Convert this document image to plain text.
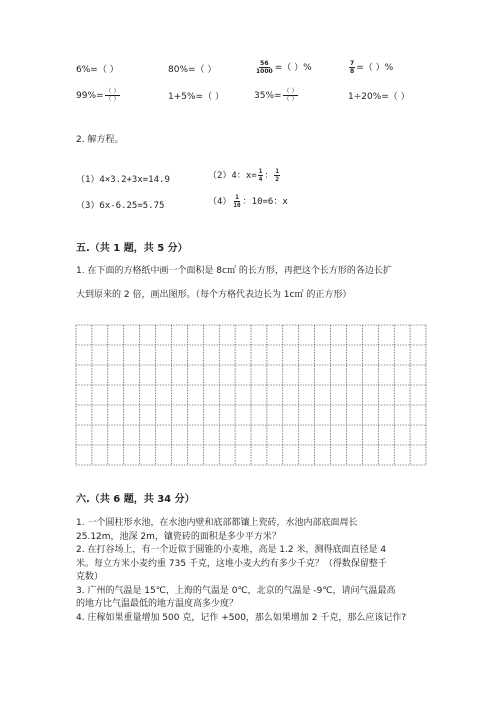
6%=（ ）	80%=（ ）	$\frac{56}{1000}$ =（ ）%	$\frac{7}{8}$ =（ ）%
$99\%= \frac{( )}{( )}$	1+5%=（ ）	$35\%= \frac{( )}{( )}$	1÷20%=（ ）
2. 解方程。
（1）4×3.2+3x=14.9	（2）4：$x= \frac{1}{4}$ ： $\frac{1}{2}$
（3）6x-6.25=5.75	$(4) \frac{1}{10}$ ：10=6：x
五.（共 1 题，共 5 分）
1. 在下面的方格纸中画一个面积是 8c㎡ 的长方形，再把这个长方形的各边长扩
大到原来的 2 倍，画出图形。（每个方格代表边长为 1c㎡ 的正方形）
六.（共 6 题，共 34 分）
1. 一个圆柱形水池，在水池内壁和底部都镶上瓷砖，水池内部底面周长
25.12m，池深 2m，镶瓷砖的面积是多少平方米？
2. 在打谷场上，有一个近似于圆锥的小麦堆，高是 1.2 米，测得底面直径是 4
米。每立方米小麦约重 735 千克，这堆小麦大约有多少千克？（得数保留整千
克数）
3. 广州的气温是 15℃，上海的气温是 0℃，北京的气温是 -9℃，请问气温最高
的地方比气温最低的地方温度高多少度？
4. 庄稼如果重量增加 500 克，记作 +500，那么如果增加 2 千克，那么应该记作?
